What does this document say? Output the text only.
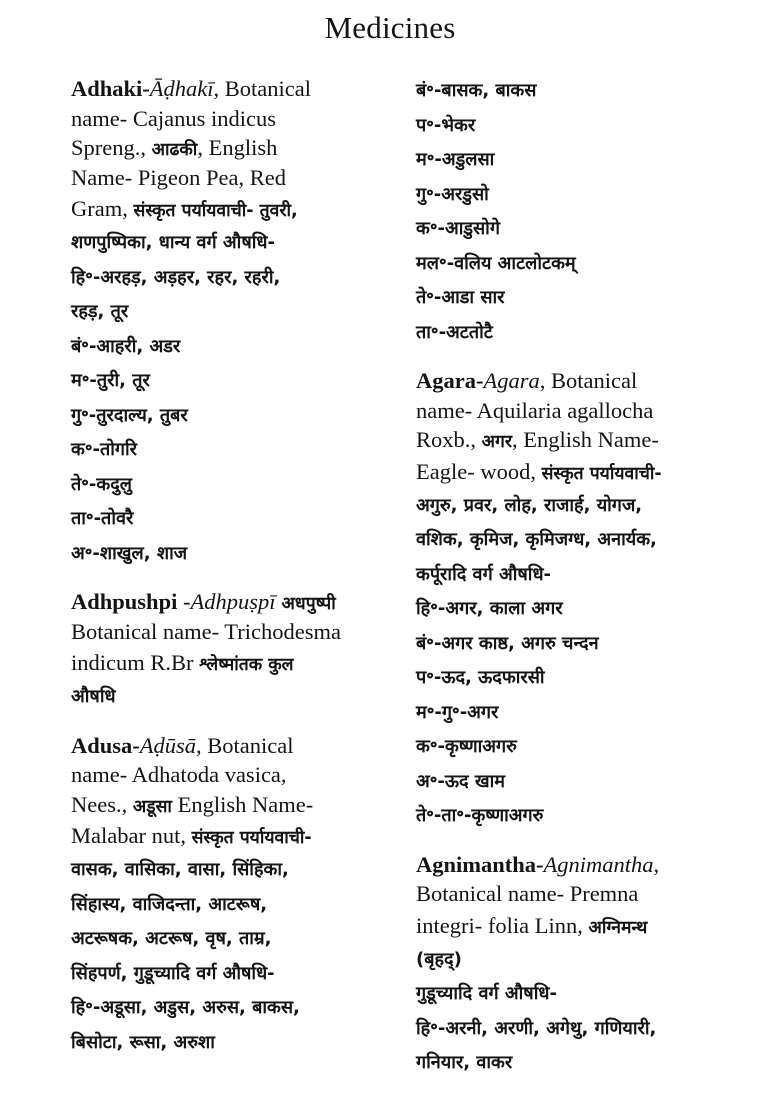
Medicines
Adhaki-Āḍhakī, Botanical
name- Cajanus indicus
Spreng., आढकी, English
Name- Pigeon Pea, Red
Gram, संस्कृत पर्यायवाची- तुवरी,
शणपुष्पिका, धान्य वर्ग औषधि-
हि॰-अरहड़, अड़हर, रहर, रहरी,
रहड़, तूर
बं॰-आहरी, अडर
म॰-तुरी, तूर
गु॰-तुरदाल्य, तुबर
क॰-तोगरि
ते॰-कदुलु
ता॰-तोवरै
अ॰-शाखुल, शाज
Adhpushpi -Adhpuṣpī अधपुष्पी
Botanical name- Trichodesma
indicum R.Br श्लेष्मांतक कुल
औषधि
Adusa-Aḍūsā, Botanical
name- Adhatoda vasica,
Nees., अडूसा English Name-
Malabar nut, संस्कृत पर्यायवाची-
वासक, वासिका, वासा, सिंहिका,
सिंहास्य, वाजिदन्ता, आटरूष,
अटरूषक, अटरूष, वृष, ताम्र,
सिंहपर्ण, गुडूच्यादि वर्ग औषधि-
हि॰-अडूसा, अडुस, अरुस, बाकस,
बिसोटा, रूसा, अरुशा
बं॰-बासक, बाकस
प॰-भेकर
म॰-अडुलसा
गु॰-अरडुसो
क॰-आडुसोगे
मल॰-वलिय आटलोटकम्
ते॰-आडा सार
ता॰-अटतोटै
Agara-Agara, Botanical
name- Aquilaria agallocha
Roxb., अगर, English Name-
Eagle- wood, संस्कृत पर्यायवाची-
अगुरु, प्रवर, लोह, राजार्ह, योगज,
वशिक, कृमिज, कृमिजग्ध, अनार्यक,
कर्पूरादि वर्ग औषधि-
हि॰-अगर, काला अगर
बं॰-अगर काष्ठ, अगरु चन्दन
प॰-ऊद, ऊदफारसी
म॰-गु॰-अगर
क॰-कृष्णाअगरु
अ॰-ऊद खाम
ते॰-ता॰-कृष्णाअगरु
Agnimantha-Agnimantha,
Botanical name- Premna
integri- folia Linn, अग्निमन्थ
(बृहद्)
गुडूच्यादि वर्ग औषधि-
हि॰-अरनी, अरणी, अगेथु, गणियारी,
गनियार, वाकर
